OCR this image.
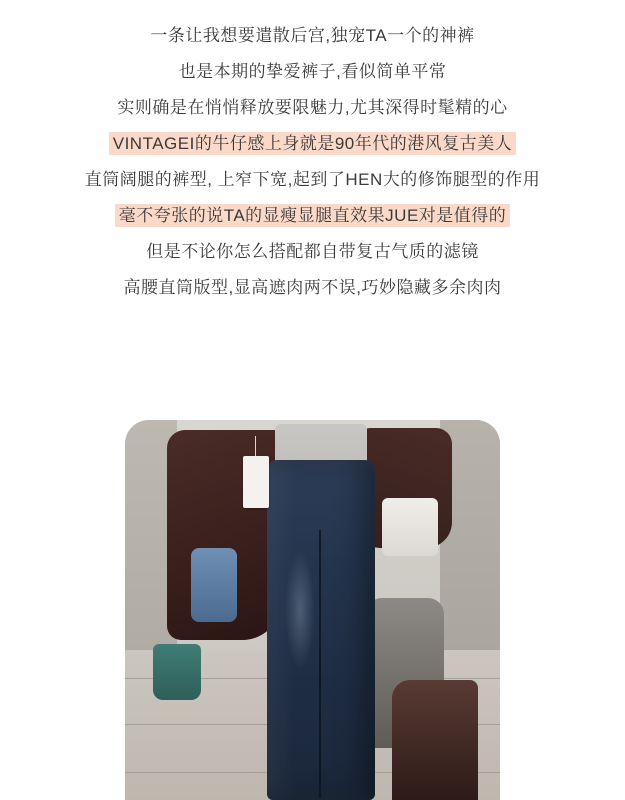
一条让我想要遣散后宫,独宠TA一个的神裤
也是本期的挚爱裤子,看似简单平常
实则确是在悄悄释放要限魅力,尤其深得时髦精的心
VINTAGEI的牛仔感上身就是90年代的港风复古美人
直筒阔腿的裤型, 上窄下宽,起到了HEN大的修饰腿型的作用
毫不夸张的说TA的显瘦显腿直效果JUE对是值得的
但是不论你怎么搭配都自带复古气质的滤镜
高腰直筒版型,显高遮肉两不误,巧妙隐藏多余肉肉
